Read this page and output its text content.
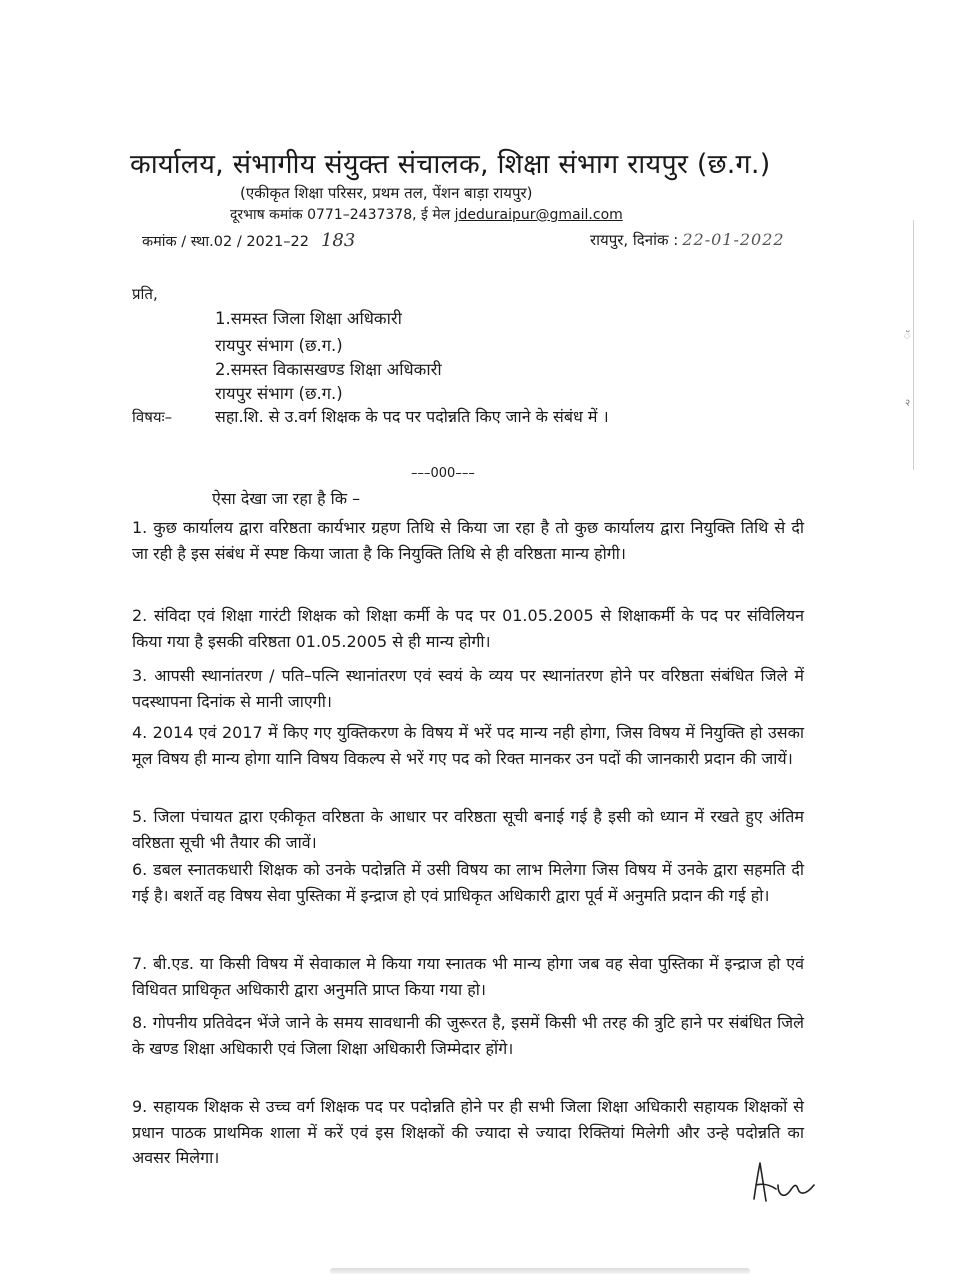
कार्यालय, संभागीय संयुक्त संचालक, शिक्षा संभाग रायपुर (छ.ग.)
(एकीकृत शिक्षा परिसर, प्रथम तल, पेंशन बाड़ा रायपुर)
दूरभाष कमांक 0771–2437378, ई मेल jdeduraipur@gmail.com
कमांक / स्था.02 / 2021–22 183	रायपुर, दिनांक : 22-01-2022
प्रति,
1.समस्त जिला शिक्षा अधिकारी
रायपुर संभाग (छ.ग.)
2.समस्त विकासखण्ड शिक्षा अधिकारी
रायपुर संभाग (छ.ग.)
विषयः–	सहा.शि. से उ.वर्ग शिक्षक के पद पर पदोन्नति किए जाने के संबंध में ।
–––000–––
ऐसा देखा जा रहा है कि –
1. कुछ कार्यालय द्वारा वरिष्ठता कार्यभार ग्रहण तिथि से किया जा रहा है तो कुछ कार्यालय द्वारा नियुक्ति तिथि से दी जा रही है इस संबंध में स्पष्ट किया जाता है कि नियुक्ति तिथि से ही वरिष्ठता मान्य होगी।
2. संविदा एवं शिक्षा गारंटी शिक्षक को शिक्षा कर्मी के पद पर 01.05.2005 से शिक्षाकर्मी के पद पर संविलियन किया गया है इसकी वरिष्ठता 01.05.2005 से ही मान्य होगी।
3. आपसी स्थानांतरण / पति–पत्नि स्थानांतरण एवं स्वयं के व्यय पर स्थानांतरण होने पर वरिष्ठता संबंधित जिले में पदस्थापना दिनांक से मानी जाएगी।
4. 2014 एवं 2017 में किए गए युक्तिकरण के विषय में भरें पद मान्य नही होगा, जिस विषय में नियुक्ति हो उसका मूल विषय ही मान्य होगा यानि विषय विकल्प से भरें गए पद को रिक्त मानकर उन पदों की जानकारी प्रदान की जायें।
5. जिला पंचायत द्वारा एकीकृत वरिष्ठता के आधार पर वरिष्ठता सूची बनाई गई है इसी को ध्यान में रखते हुए अंतिम वरिष्ठता सूची भी तैयार की जावें।
6. डबल स्नातकधारी शिक्षक को उनके पदोन्नति में उसी विषय का लाभ मिलेगा जिस विषय में उनके द्वारा सहमति दी गई है। बशर्ते वह विषय सेवा पुस्तिका में इन्द्राज हो एवं प्राधिकृत अधिकारी द्वारा पूर्व में अनुमति प्रदान की गई हो।
7. बी.एड. या किसी विषय में सेवाकाल मे किया गया स्नातक भी मान्य होगा जब वह सेवा पुस्तिका में इन्द्राज हो एवं विधिवत प्राधिकृत अधिकारी द्वारा अनुमति प्राप्त किया गया हो।
8. गोपनीय प्रतिवेदन भेंजे जाने के समय सावधानी की जुरूरत है, इसमें किसी भी तरह की त्रुटि हाने पर संबंधित जिले के खण्ड शिक्षा अधिकारी एवं जिला शिक्षा अधिकारी जिम्मेदार होंगे।
9. सहायक शिक्षक से उच्च वर्ग शिक्षक पद पर पदोन्नति होने पर ही सभी जिला शिक्षा अधिकारी सहायक शिक्षकों से प्रधान पाठक प्राथमिक शाला में करें एवं इस शिक्षकों की ज्यादा से ज्यादा रिक्तियां मिलेगी और उन्हे पदोन्नति का अवसर मिलेगा।
ॅ
२
